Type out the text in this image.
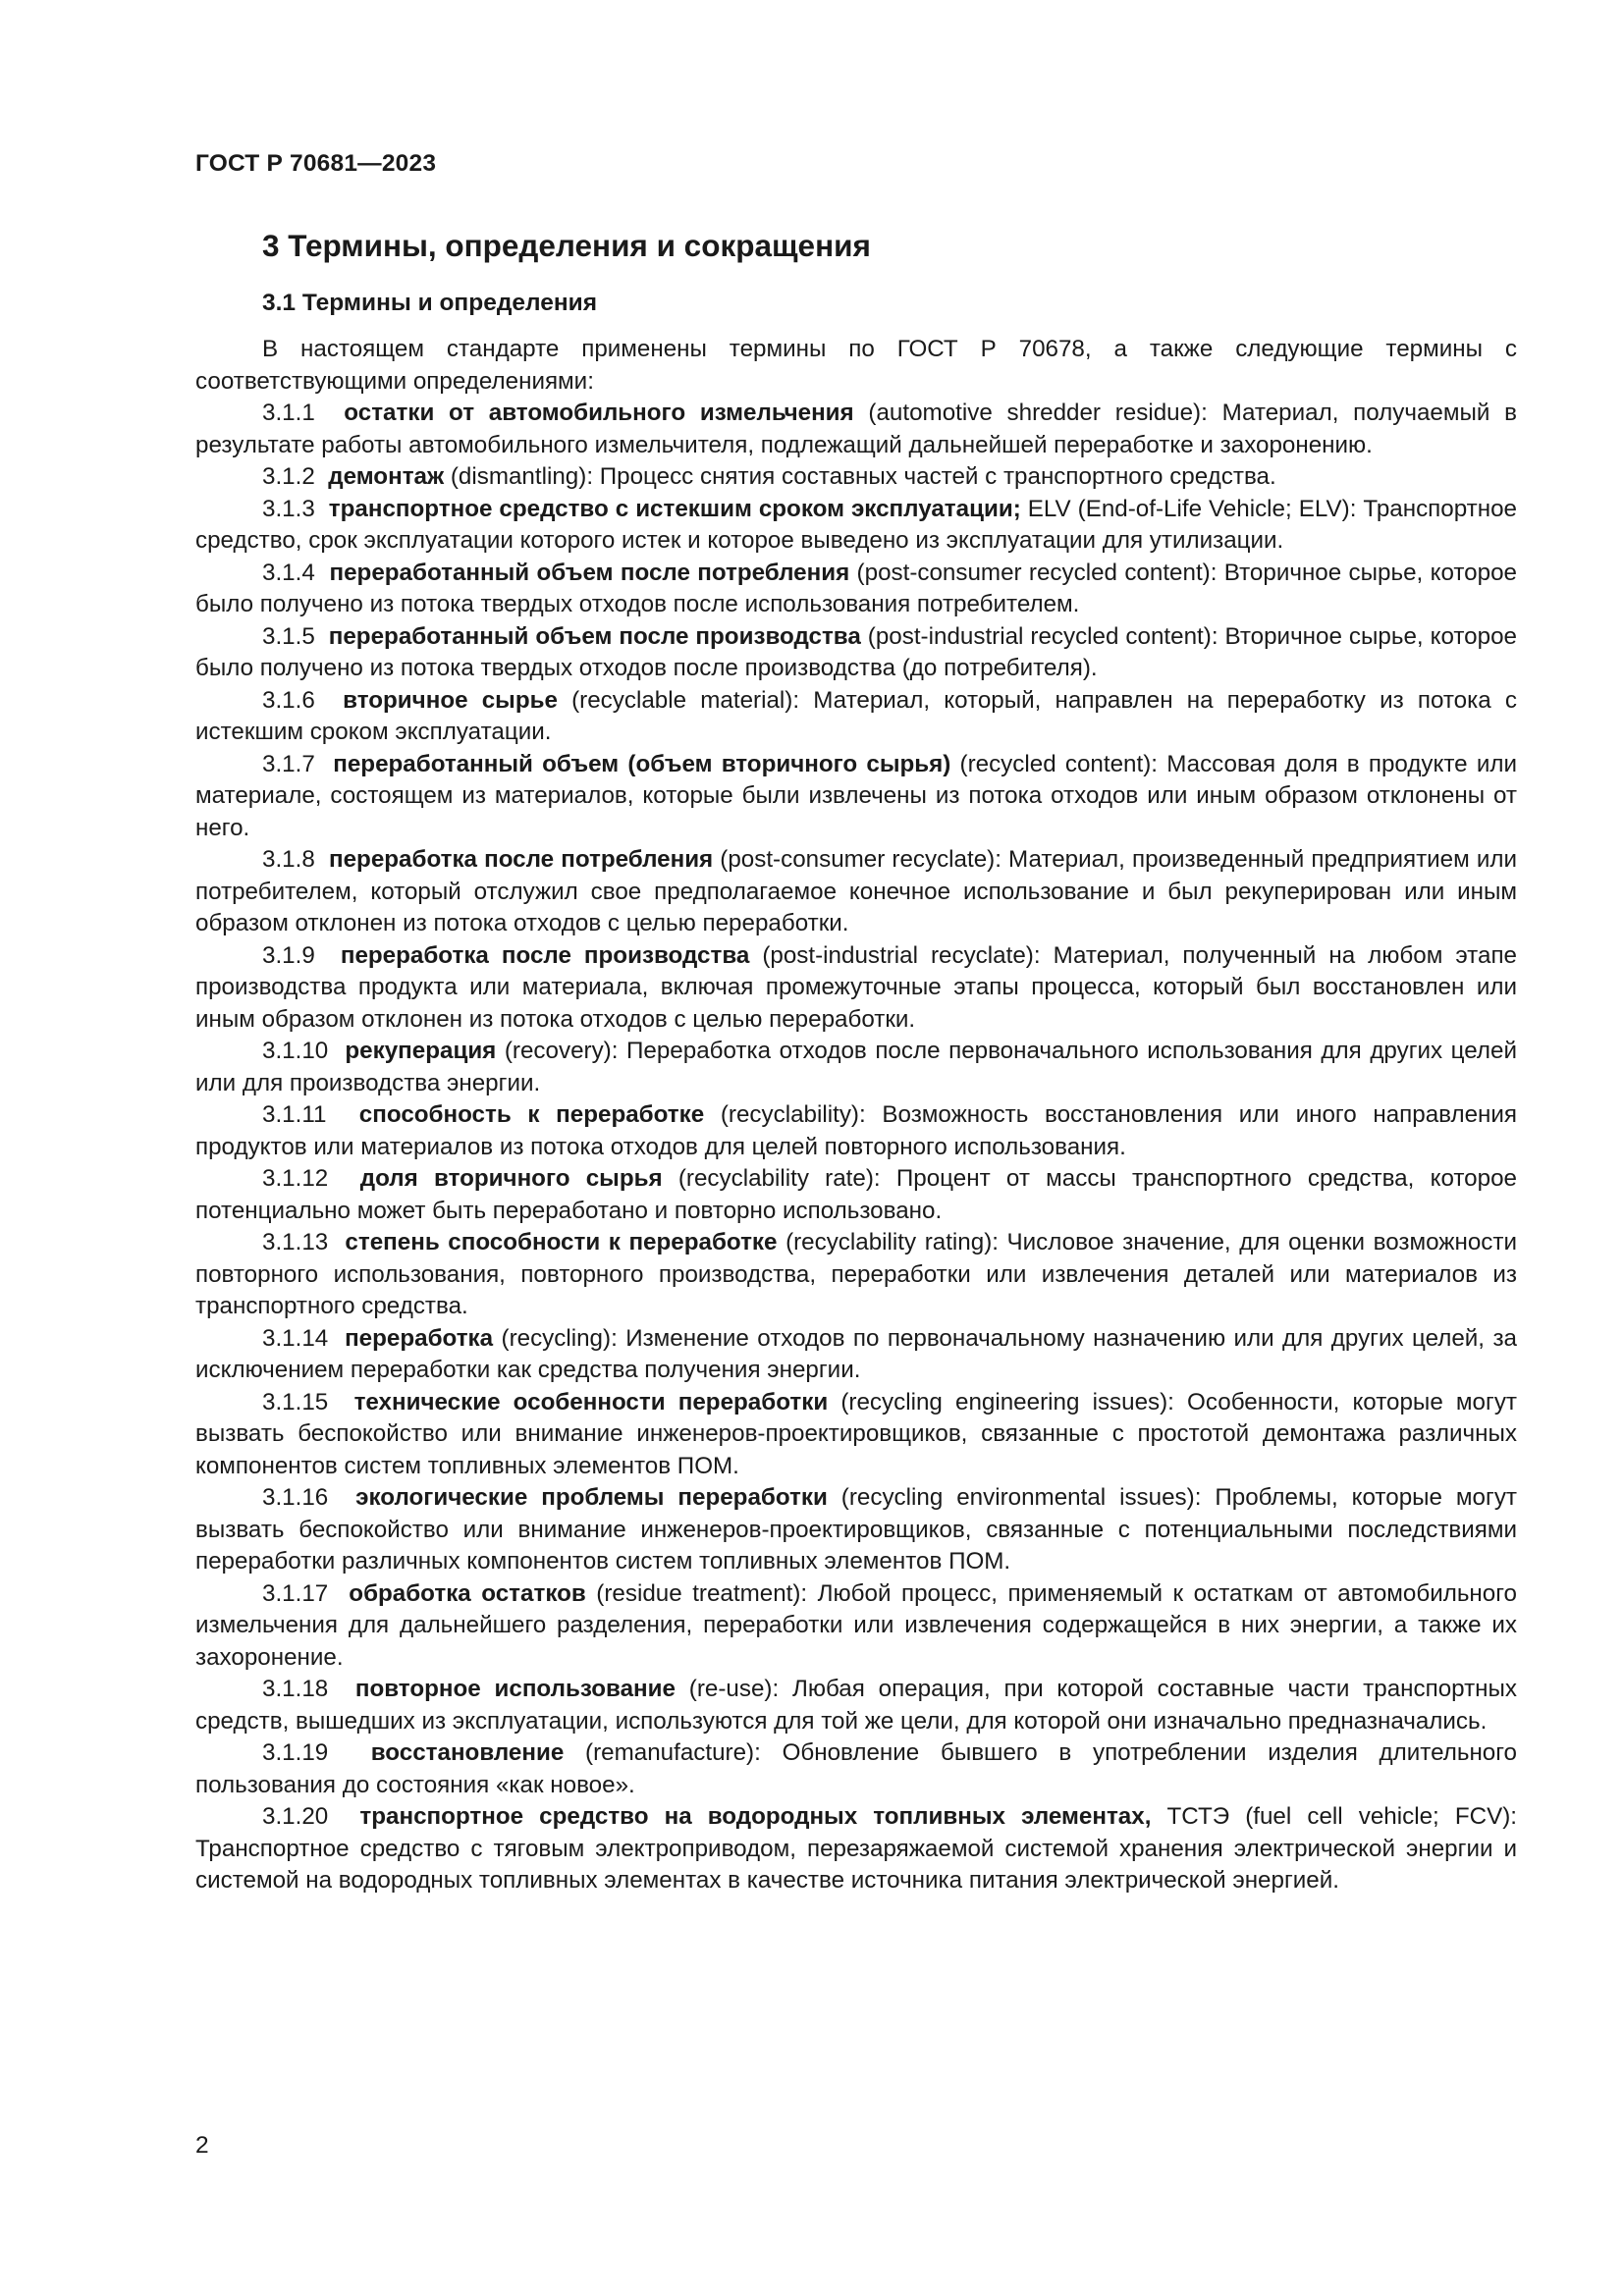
ГОСТ Р 70681—2023
3 Термины, определения и сокращения
3.1 Термины и определения

В настоящем стандарте применены термины по ГОСТ Р 70678, а также следующие термины с соответствующими определениями:

3.1.1 остатки от автомобильного измельчения (automotive shredder residue): Материал, получаемый в результате работы автомобильного измельчителя, подлежащий дальнейшей переработке и захоронению.

3.1.2 демонтаж (dismantling): Процесс снятия составных частей с транспортного средства.

3.1.3 транспортное средство с истекшим сроком эксплуатации; ELV (End-of-Life Vehicle; ELV): Транспортное средство, срок эксплуатации которого истек и которое выведено из эксплуатации для утилизации.

3.1.4 переработанный объем после потребления (post-consumer recycled content): Вторичное сырье, которое было получено из потока твердых отходов после использования потребителем.

3.1.5 переработанный объем после производства (post-industrial recycled content): Вторичное сырье, которое было получено из потока твердых отходов после производства (до потребителя).

3.1.6 вторичное сырье (recyclable material): Материал, который, направлен на переработку из потока с истекшим сроком эксплуатации.

3.1.7 переработанный объем (объем вторичного сырья) (recycled content): Массовая доля в продукте или материале, состоящем из материалов, которые были извлечены из потока отходов или иным образом отклонены от него.

3.1.8 переработка после потребления (post-consumer recyclate): Материал, произведенный предприятием или потребителем, который отслужил свое предполагаемое конечное использование и был рекуперирован или иным образом отклонен из потока отходов с целью переработки.

3.1.9 переработка после производства (post-industrial recyclate): Материал, полученный на любом этапе производства продукта или материала, включая промежуточные этапы процесса, который был восстановлен или иным образом отклонен из потока отходов с целью переработки.

3.1.10 рекуперация (recovery): Переработка отходов после первоначального использования для других целей или для производства энергии.

3.1.11 способность к переработке (recyclability): Возможность восстановления или иного направления продуктов или материалов из потока отходов для целей повторного использования.

3.1.12 доля вторичного сырья (recyclability rate): Процент от массы транспортного средства, которое потенциально может быть переработано и повторно использовано.

3.1.13 степень способности к переработке (recyclability rating): Числовое значение, для оценки возможности повторного использования, повторного производства, переработки или извлечения деталей или материалов из транспортного средства.

3.1.14 переработка (recycling): Изменение отходов по первоначальному назначению или для других целей, за исключением переработки как средства получения энергии.

3.1.15 технические особенности переработки (recycling engineering issues): Особенности, которые могут вызвать беспокойство или внимание инженеров-проектировщиков, связанные с простотой демонтажа различных компонентов систем топливных элементов ПОМ.

3.1.16 экологические проблемы переработки (recycling environmental issues): Проблемы, которые могут вызвать беспокойство или внимание инженеров-проектировщиков, связанные с потенциальными последствиями переработки различных компонентов систем топливных элементов ПОМ.

3.1.17 обработка остатков (residue treatment): Любой процесс, применяемый к остаткам от автомобильного измельчения для дальнейшего разделения, переработки или извлечения содержащейся в них энергии, а также их захоронение.

3.1.18 повторное использование (re-use): Любая операция, при которой составные части транспортных средств, вышедших из эксплуатации, используются для той же цели, для которой они изначально предназначались.

3.1.19 восстановление (remanufacture): Обновление бывшего в употреблении изделия длительного пользования до состояния «как новое».

3.1.20 транспортное средство на водородных топливных элементах, ТСТЭ (fuel cell vehicle; FCV): Транспортное средство с тяговым электроприводом, перезаряжаемой системой хранения электрической энергии и системой на водородных топливных элементах в качестве источника питания электрической энергией.

2
